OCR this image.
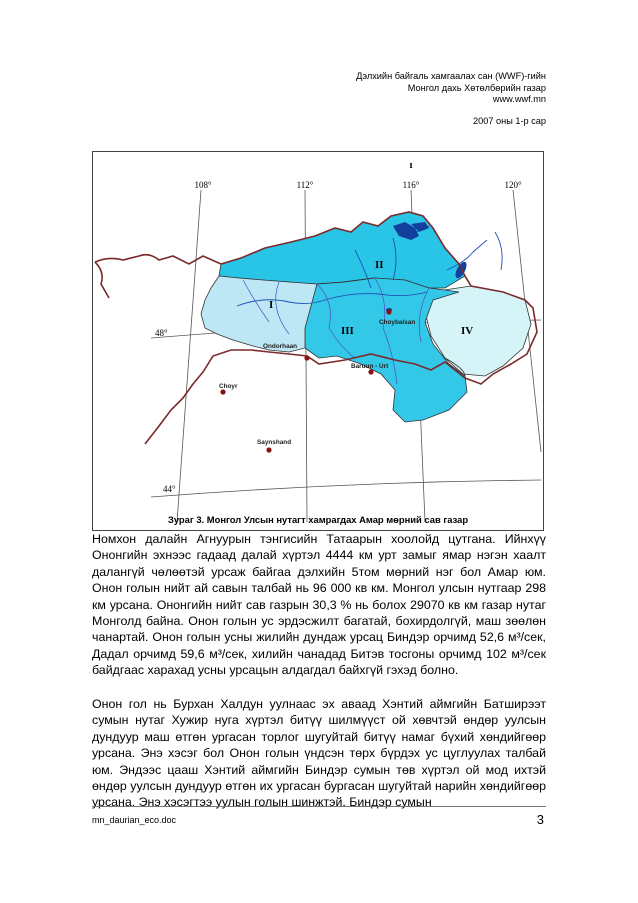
Дэлхийн байгаль хамгаалах сан (WWF)-гийн
Монгол дахь Хөтөлбөрийн газар
www.wwf.mn
2007 оны 1-р сар
108°	112°	116°	120°
48°
44°
ı
I
II
III	IV
Choybalsan
Ondorhaan
Baruun - Urt
Choyr
Saynshand
Зураг 3. Монгол Улсын нутагт хамрагдах Амар мөрний сав газар

Номхон далайн Агнуурын тэнгисийн Татаарын хоолойд цутгана. Ийнхүү Ононгийн эхнээс гадаад далай хүртэл 4444 км урт замыг ямар нэгэн хаалт далангүй чөлөөтэй урсаж байгаа дэлхийн 5том мөрний нэг бол Амар юм. Онон голын нийт ай савын талбай нь 96 000 кв км. Монгол улсын нутгаар 298 км урсана. Ононгийн нийт сав газрын 30,3 % нь болох 29070 кв км газар нутаг Монголд байна. Онон голын ус эрдэсжилт багатай, бохирдолгүй, маш зөөлөн чанартай. Онон голын усны жилийн дундаж урсац Биндэр орчимд 52,6 м³/сек, Дадал орчимд 59,6 м³/сек, хилийн чанадад Битэв тосгоны орчимд 102 м³/сек байдгаас харахад усны урсацын алдагдал байхгүй гэхэд болно.

Онон гол нь Бурхан Халдун уулнаас эх аваад Хэнтий аймгийн Батширээт сумын нутаг Хужир нуга хүртэл битүү шилмүүст ой хөвчтэй өндөр уулсын дундуур маш өтгөн ургасан торлог шугуйтай битүү намаг бүхий хөндийгөөр урсана. Энэ хэсэг бол Онон голын үндсэн төрх бүрдэх ус цуглуулах талбай юм. Эндээс цааш Хэнтий аймгийн Биндэр сумын төв хүртэл ой мод ихтэй өндөр уулсын дундуур өтгөн их ургасан бургасан шугуйтай нарийн хөндийгөөр урсана. Энэ хэсэгтээ уулын голын шинжтэй. Биндэр сумын

mn_daurian_eco.doc	3
